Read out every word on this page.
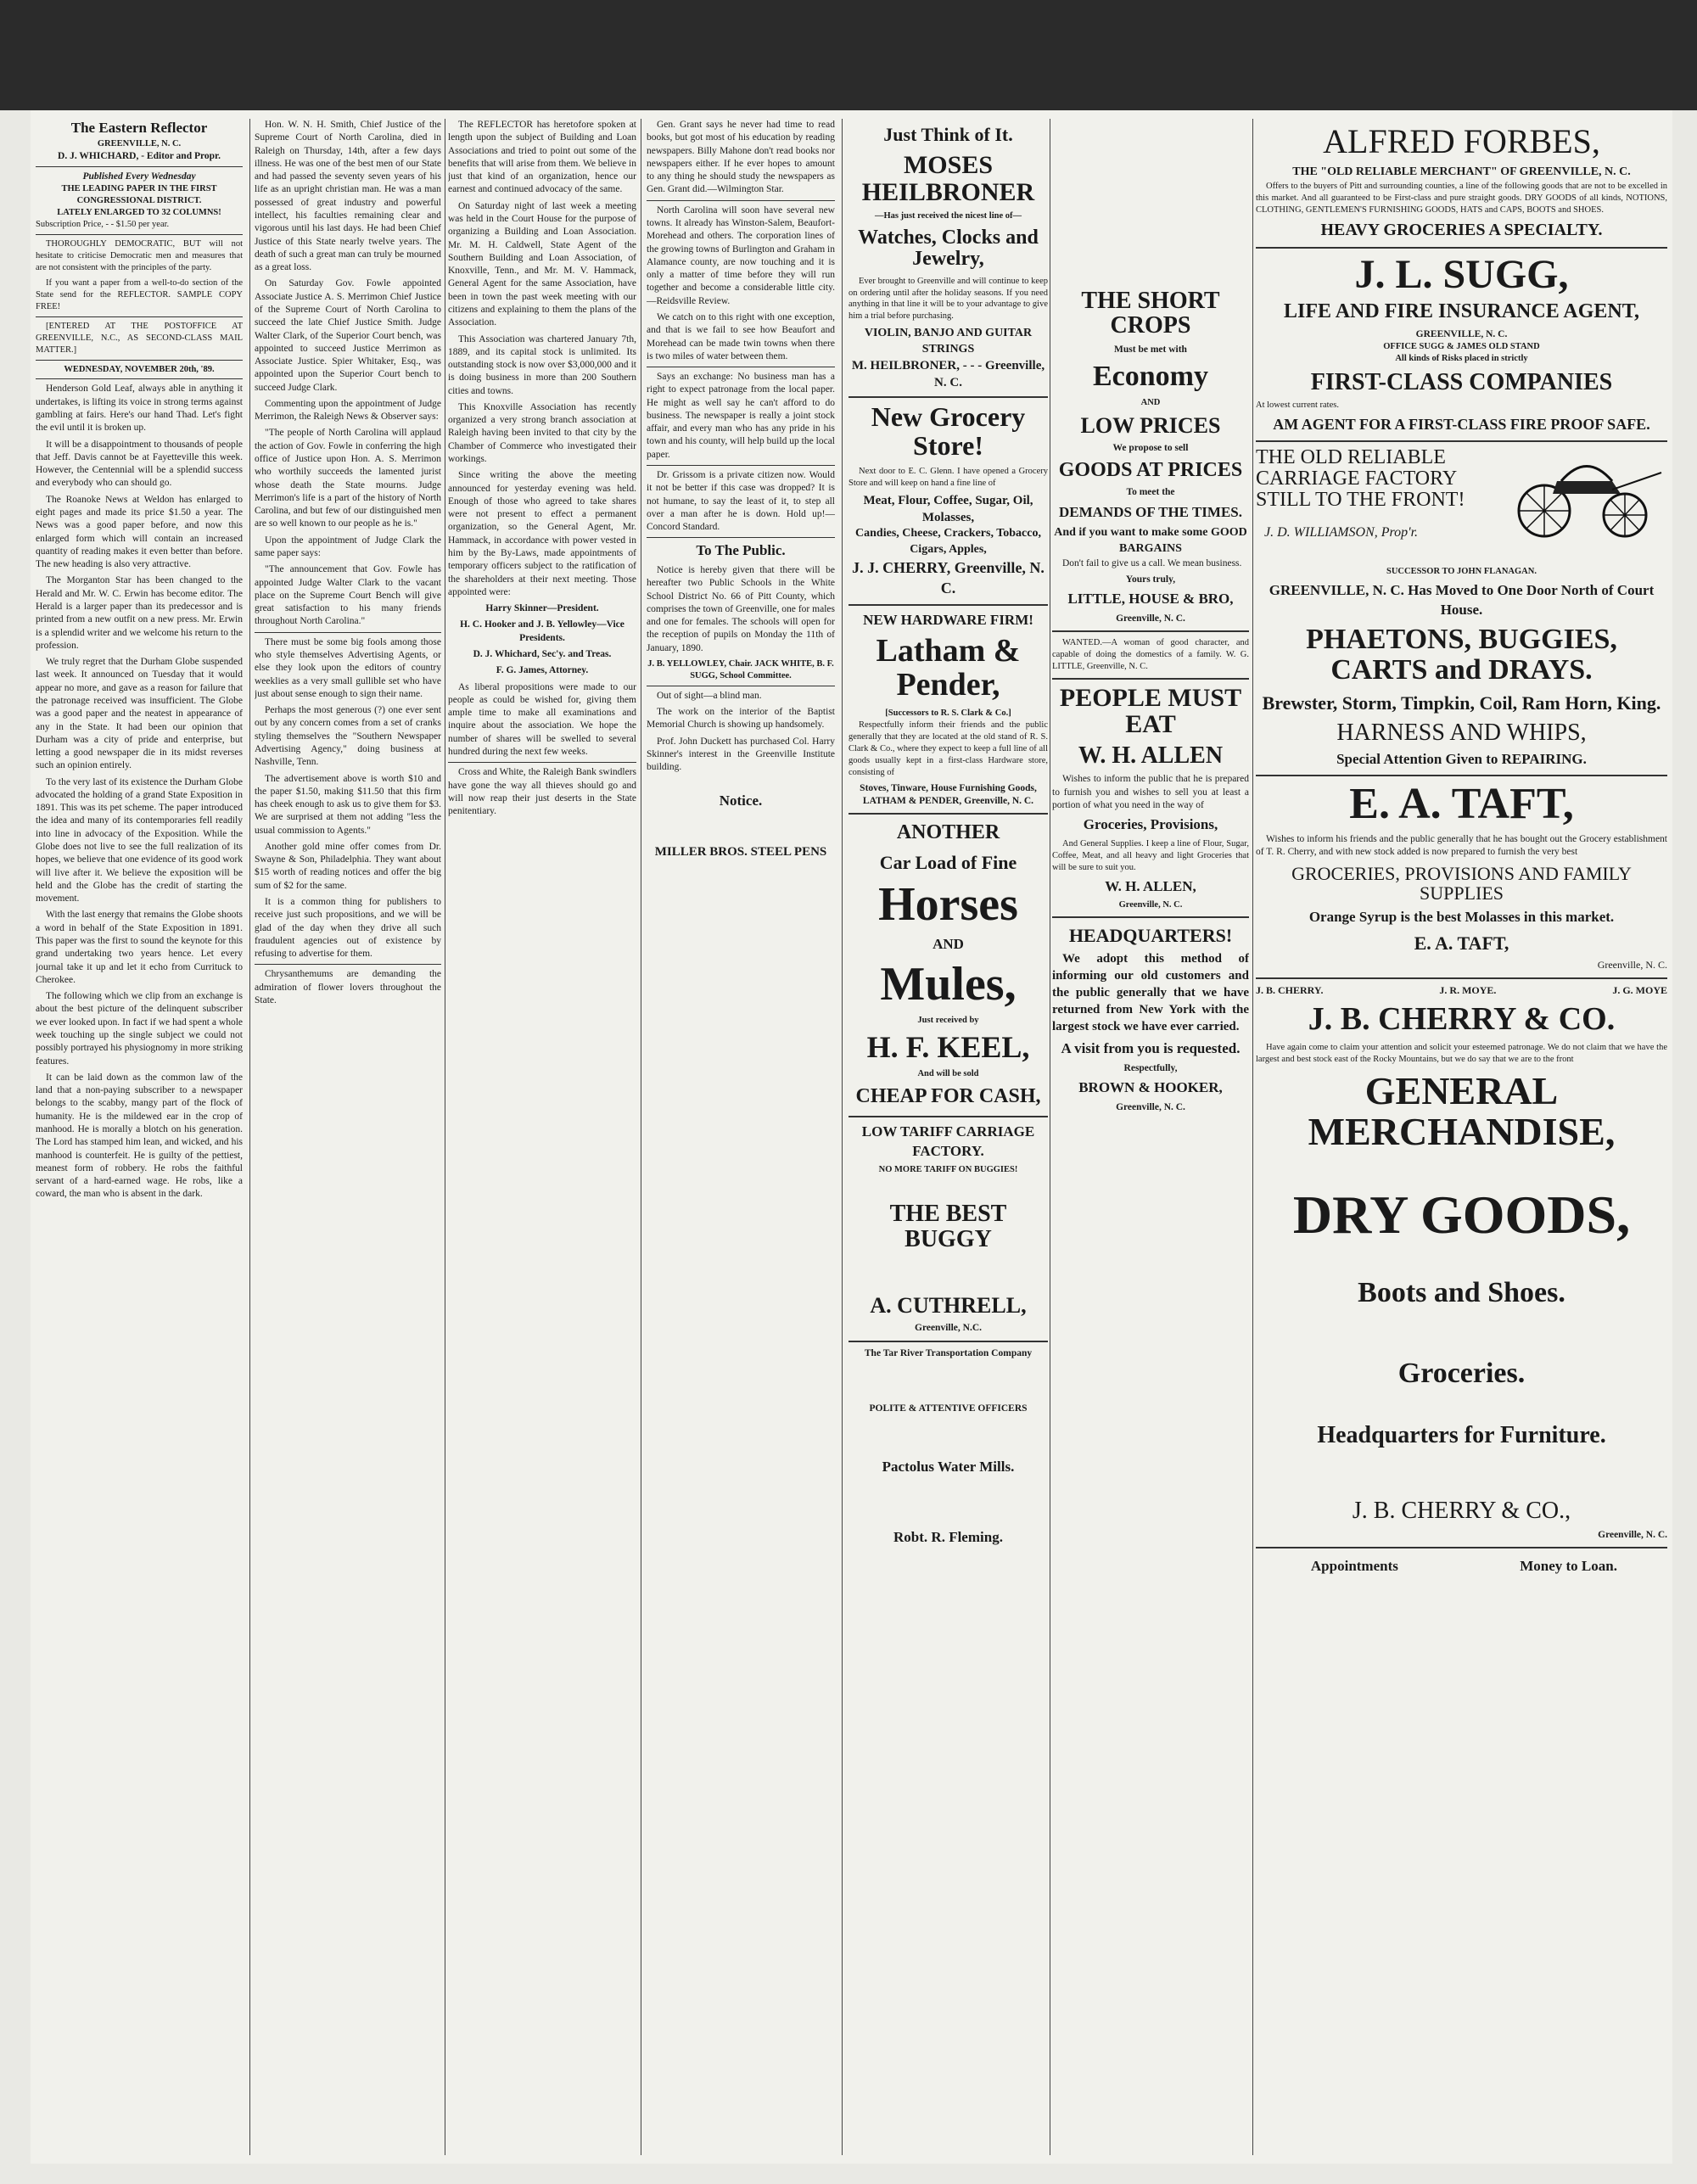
The Eastern Reflector
GREENVILLE, N. C.
D. J. WHICHARD, - Editor and Propr.
Published Every Wednesday
THE LEADING PAPER IN THE FIRST CONGRESSIONAL DISTRICT.
LATELY ENLARGED TO 32 COLUMNS!
Subscription Price, - - $1.50 per year.

THOROUGHLY DEMOCRATIC, BUT will not hesitate to criticise Democratic men and measures that are not consistent with the principles of the party.

If you want a paper from a well-to-do section of the State send for the REFLECTOR. SAMPLE COPY FREE!

[ENTERED AT THE POSTOFFICE AT GREENVILLE, N.C., AS SECOND-CLASS MAIL MATTER.]

WEDNESDAY, NOVEMBER 20th, '89.

Henderson Gold Leaf, always able in anything it undertakes, is lifting its voice in strong terms against gambling at fairs. Here's our hand Thad. Let's fight the evil until it is broken up.

It will be a disappointment to thousands of people that Jeff. Davis cannot be at Fayetteville this week. However, the Centennial will be a splendid success and everybody who can should go.

The Roanoke News at Weldon has enlarged to eight pages and made its price $1.50 a year. The News was a good paper before, and now this enlarged form which will contain an increased quantity of reading makes it even better than before. The new heading is also very attractive.

The Morganton Star has been changed to the Herald and Mr. W. C. Erwin has become editor. The Herald is a larger paper than its predecessor and is printed from a new outfit on a new press. Mr. Erwin is a splendid writer and we welcome his return to the profession.

We truly regret that the Durham Globe suspended last week. It announced on Tuesday that it would appear no more, and gave as a reason for failure that the patronage received was insufficient. The Globe was a good paper and the neatest in appearance of any in the State. It had been our opinion that Durham was a city of pride and enterprise, but letting a good newspaper die in its midst reverses such an opinion entirely.

To the very last of its existence the Durham Globe advocated the holding of a grand State Exposition in 1891. This was its pet scheme. The paper introduced the idea and many of its contemporaries fell readily into line in advocacy of the Exposition. While the Globe does not live to see the full realization of its hopes, we believe that one evidence of its good work will live after it. We believe the exposition will be held and the Globe has the credit of starting the movement.

With the last energy that remains the Globe shoots a word in behalf of the State Exposition in 1891. This paper was the first to sound the keynote for this grand undertaking two years hence. Let every journal take it up and let it echo from Currituck to Cherokee.

The following which we clip from an exchange is about the best picture of the delinquent subscriber we ever looked upon. In fact if we had spent a whole week touching up the single subject we could not possibly portrayed his physiognomy in more striking features.

It can be laid down as the common law of the land that a non-paying subscriber to a newspaper belongs to the scabby, mangy part of the flock of humanity. He is the mildewed ear in the crop of manhood. He is morally a blotch on his generation. The Lord has stamped him lean, and wicked, and his manhood is counterfeit. He is guilty of the pettiest, meanest form of robbery. He robs the faithful servant of a hard-earned wage. He robs, like a coward, the man who is absent in the dark.

Hon. W. N. H. Smith, Chief Justice of the Supreme Court of North Carolina, died in Raleigh on Thursday, 14th, after a few days illness. He was one of the best men of our State and had passed the seventy seven years of his life as an upright christian man. He was a man possessed of great industry and powerful intellect, his faculties remaining clear and vigorous until his last days. He had been Chief Justice of this State nearly twelve years. The death of such a great man can truly be mourned as a great loss.

On Saturday Gov. Fowle appointed Associate Justice A. S. Merrimon Chief Justice of the Supreme Court of North Carolina to succeed the late Chief Justice Smith. Judge Walter Clark, of the Superior Court bench, was appointed to succeed Justice Merrimon as Associate Justice. Spier Whitaker, Esq., was appointed upon the Superior Court bench to succeed Judge Clark.

Commenting upon the appointment of Judge Merrimon, the Raleigh News & Observer says:

"The people of North Carolina will applaud the action of Gov. Fowle in conferring the high office of Justice upon Hon. A. S. Merrimon who worthily succeeds the lamented jurist whose death the State mourns. Judge Merrimon's life is a part of the history of North Carolina, and but few of our distinguished men are so well known to our people as he is."

Upon the appointment of Judge Clark the same paper says:

"The announcement that Gov. Fowle has appointed Judge Walter Clark to the vacant place on the Supreme Court Bench will give great satisfaction to his many friends throughout North Carolina."

There must be some big fools among those who style themselves Advertising Agents, or else they look upon the editors of country weeklies as a very small gullible set who have just about sense enough to sign their name.

Perhaps the most generous (?) one ever sent out by any concern comes from a set of cranks styling themselves the "Southern Newspaper Advertising Agency," doing business at Nashville, Tenn.

The advertisement above is worth $10 and the paper $1.50, making $11.50 that this firm has cheek enough to ask us to give them for $3. We are surprised at them not adding "less the usual commission to Agents."

Another gold mine offer comes from Dr. Swayne & Son, Philadelphia. They want about $15 worth of reading notices and offer the big sum of $2 for the same.

It is a common thing for publishers to receive just such propositions, and we will be glad of the day when they drive all such fraudulent agencies out of existence by refusing to advertise for them.

Chrysanthemums are demanding the admiration of flower lovers throughout the State.

The REFLECTOR has heretofore spoken at length upon the subject of Building and Loan Associations and tried to point out some of the benefits that will arise from them. We believe in just that kind of an organization, hence our earnest and continued advocacy of the same.

On Saturday night of last week a meeting was held in the Court House for the purpose of organizing a Building and Loan Association. Mr. M. H. Caldwell, State Agent of the Southern Building and Loan Association, of Knoxville, Tenn., and Mr. M. V. Hammack, General Agent for the same Association, have been in town the past week meeting with our citizens and explaining to them the plans of the Association.

This Association was chartered January 7th, 1889, and its capital stock is unlimited. Its outstanding stock is now over $3,000,000 and it is doing business in more than 200 Southern cities and towns.

This Knoxville Association has recently organized a very strong branch association at Raleigh having been invited to that city by the Chamber of Commerce who investigated their workings.

Since writing the above the meeting announced for yesterday evening was held. Enough of those who agreed to take shares were not present to effect a permanent organization, so the General Agent, Mr. Hammack, in accordance with power vested in him by the By-Laws, made appointments of temporary officers subject to the ratification of the shareholders at their next meeting. Those appointed were:

Harry Skinner—President.

H. C. Hooker and J. B. Yellowley—Vice Presidents.

D. J. Whichard, Sec'y. and Treas.

F. G. James, Attorney.

As liberal propositions were made to our people as could be wished for, giving them ample time to make all examinations and inquire about the association. We hope the number of shares will be swelled to several hundred during the next few weeks.

Cross and White, the Raleigh Bank swindlers have gone the way all thieves should go and will now reap their just deserts in the State penitentiary.

Gen. Grant says he never had time to read books, but got most of his education by reading newspapers. Billy Mahone don't read books nor newspapers either. If he ever hopes to amount to any thing he should study the newspapers as Gen. Grant did.—Wilmington Star.

North Carolina will soon have several new towns. It already has Winston-Salem, Beaufort-Morehead and others. The corporation lines of the growing towns of Burlington and Graham in Alamance county, are now touching and it is only a matter of time before they will run together and become a considerable little city.—Reidsville Review.

We catch on to this right with one exception, and that is we fail to see how Beaufort and Morehead can be made twin towns when there is two miles of water between them.

Says an exchange: No business man has a right to expect patronage from the local paper. He might as well say he can't afford to do business. The newspaper is really a joint stock affair, and every man who has any pride in his town and his county, will help build up the local paper.

Dr. Grissom is a private citizen now. Would it not be better if this case was dropped? It is not humane, to say the least of it, to step all over a man after he is down. Hold up!—Concord Standard.

To The Public.

Notice is hereby given that there will be hereafter two Public Schools in the White School District No. 66 of Pitt County, which comprises the town of Greenville, one for males and one for females. The schools will open for the reception of pupils on Monday the 11th of January, 1890.

J. B. YELLOWLEY, Chair. JACK WHITE, B. F. SUGG, School Committee.

Out of sight—a blind man.

The work on the interior of the Baptist Memorial Church is showing up handsomely.

Prof. John Duckett has purchased Col. Harry Skinner's interest in the Greenville Institute building.

Notice.
MILLER BROS. STEEL PENS
Just Think of It.
MOSES HEILBRONER
—Has just received the nicest line of—
Watches, Clocks and Jewelry,

Ever brought to Greenville and will continue to keep on ordering until after the holiday seasons. If you need anything in that line it will be to your advantage to give him a trial before purchasing.

VIOLIN, BANJO AND GUITAR STRINGS
M. HEILBRONER, - - - Greenville, N. C.
New Grocery Store!

Next door to E. C. Glenn. I have opened a Grocery Store and will keep on hand a fine line of

Meat, Flour, Coffee, Sugar, Oil, Molasses,
Candies, Cheese, Crackers, Tobacco, Cigars, Apples,
J. J. CHERRY, Greenville, N. C.
NEW HARDWARE FIRM!
Latham & Pender,
[Successors to R. S. Clark & Co.]

Respectfully inform their friends and the public generally that they are located at the old stand of R. S. Clark & Co., where they expect to keep a full line of all goods usually kept in a first-class Hardware store, consisting of

Stoves, Tinware, House Furnishing Goods,
LATHAM & PENDER, Greenville, N. C.
ANOTHER
Car Load of Fine
Horses
AND
Mules,
Just received by
H. F. KEEL,
And will be sold
CHEAP FOR CASH,
LOW TARIFF CARRIAGE FACTORY.
NO MORE TARIFF ON BUGGIES!
THE BEST BUGGY
A. CUTHRELL,
Greenville, N.C.
The Tar River Transportation Company
POLITE & ATTENTIVE OFFICERS
Pactolus Water Mills.
Robt. R. Fleming.
THE SHORT CROPS
Must be met with
Economy
AND
LOW PRICES
We propose to sell
GOODS AT PRICES
To meet the
DEMANDS OF THE TIMES.
And if you want to make some GOOD BARGAINS

Don't fail to give us a call. We mean business.

Yours truly,
LITTLE, HOUSE & BRO,
Greenville, N. C.

WANTED.—A woman of good character, and capable of doing the domestics of a family. W. G. LITTLE, Greenville, N. C.

PEOPLE MUST EAT
W. H. ALLEN

Wishes to inform the public that he is prepared to furnish you and wishes to sell you at least a portion of what you need in the way of

Groceries, Provisions,

And General Supplies. I keep a line of Flour, Sugar, Coffee, Meat, and all heavy and light Groceries that will be sure to suit you.

W. H. ALLEN,
Greenville, N. C.
HEADQUARTERS!

We adopt this method of informing our old customers and the public generally that we have returned from New York with the largest stock we have ever carried.

A visit from you is requested.
Respectfully,
BROWN & HOOKER,
Greenville, N. C.
ALFRED FORBES,
THE "OLD RELIABLE MERCHANT" OF GREENVILLE, N. C.

Offers to the buyers of Pitt and surrounding counties, a line of the following goods that are not to be excelled in this market. And all guaranteed to be First-class and pure straight goods. DRY GOODS of all kinds, NOTIONS, CLOTHING, GENTLEMEN'S FURNISHING GOODS, HATS and CAPS, BOOTS and SHOES.

HEAVY GROCERIES A SPECIALTY.
J. L. SUGG,
LIFE AND FIRE INSURANCE AGENT,
GREENVILLE, N. C.
OFFICE SUGG & JAMES OLD STAND
All kinds of Risks placed in strictly
FIRST-CLASS COMPANIES
At lowest current rates.
AM AGENT FOR A FIRST-CLASS FIRE PROOF SAFE.
THE OLD RELIABLE CARRIAGE FACTORY STILL TO THE FRONT!
J. D. WILLIAMSON, Prop'r.
SUCCESSOR TO JOHN FLANAGAN.
GREENVILLE, N. C. Has Moved to One Door North of Court House.
PHAETONS, BUGGIES, CARTS and DRAYS.
Brewster, Storm, Timpkin, Coil, Ram Horn, King.
HARNESS AND WHIPS,
Special Attention Given to REPAIRING.
E. A. TAFT,

Wishes to inform his friends and the public generally that he has bought out the Grocery establishment of T. R. Cherry, and with new stock added is now prepared to furnish the very best

GROCERIES, PROVISIONS AND FAMILY SUPPLIES
Orange Syrup is the best Molasses in this market.
E. A. TAFT,
Greenville, N. C.
J. B. CHERRY.	J. R. MOYE.	J. G. MOYE
J. B. CHERRY & CO.

Have again come to claim your attention and solicit your esteemed patronage. We do not claim that we have the largest and best stock east of the Rocky Mountains, but we do say that we are to the front

GENERAL MERCHANDISE,
DRY GOODS,
Boots and Shoes.
Groceries.
Headquarters for Furniture.
J. B. CHERRY & CO.,
Greenville, N. C.
Appointments	Money to Loan.
